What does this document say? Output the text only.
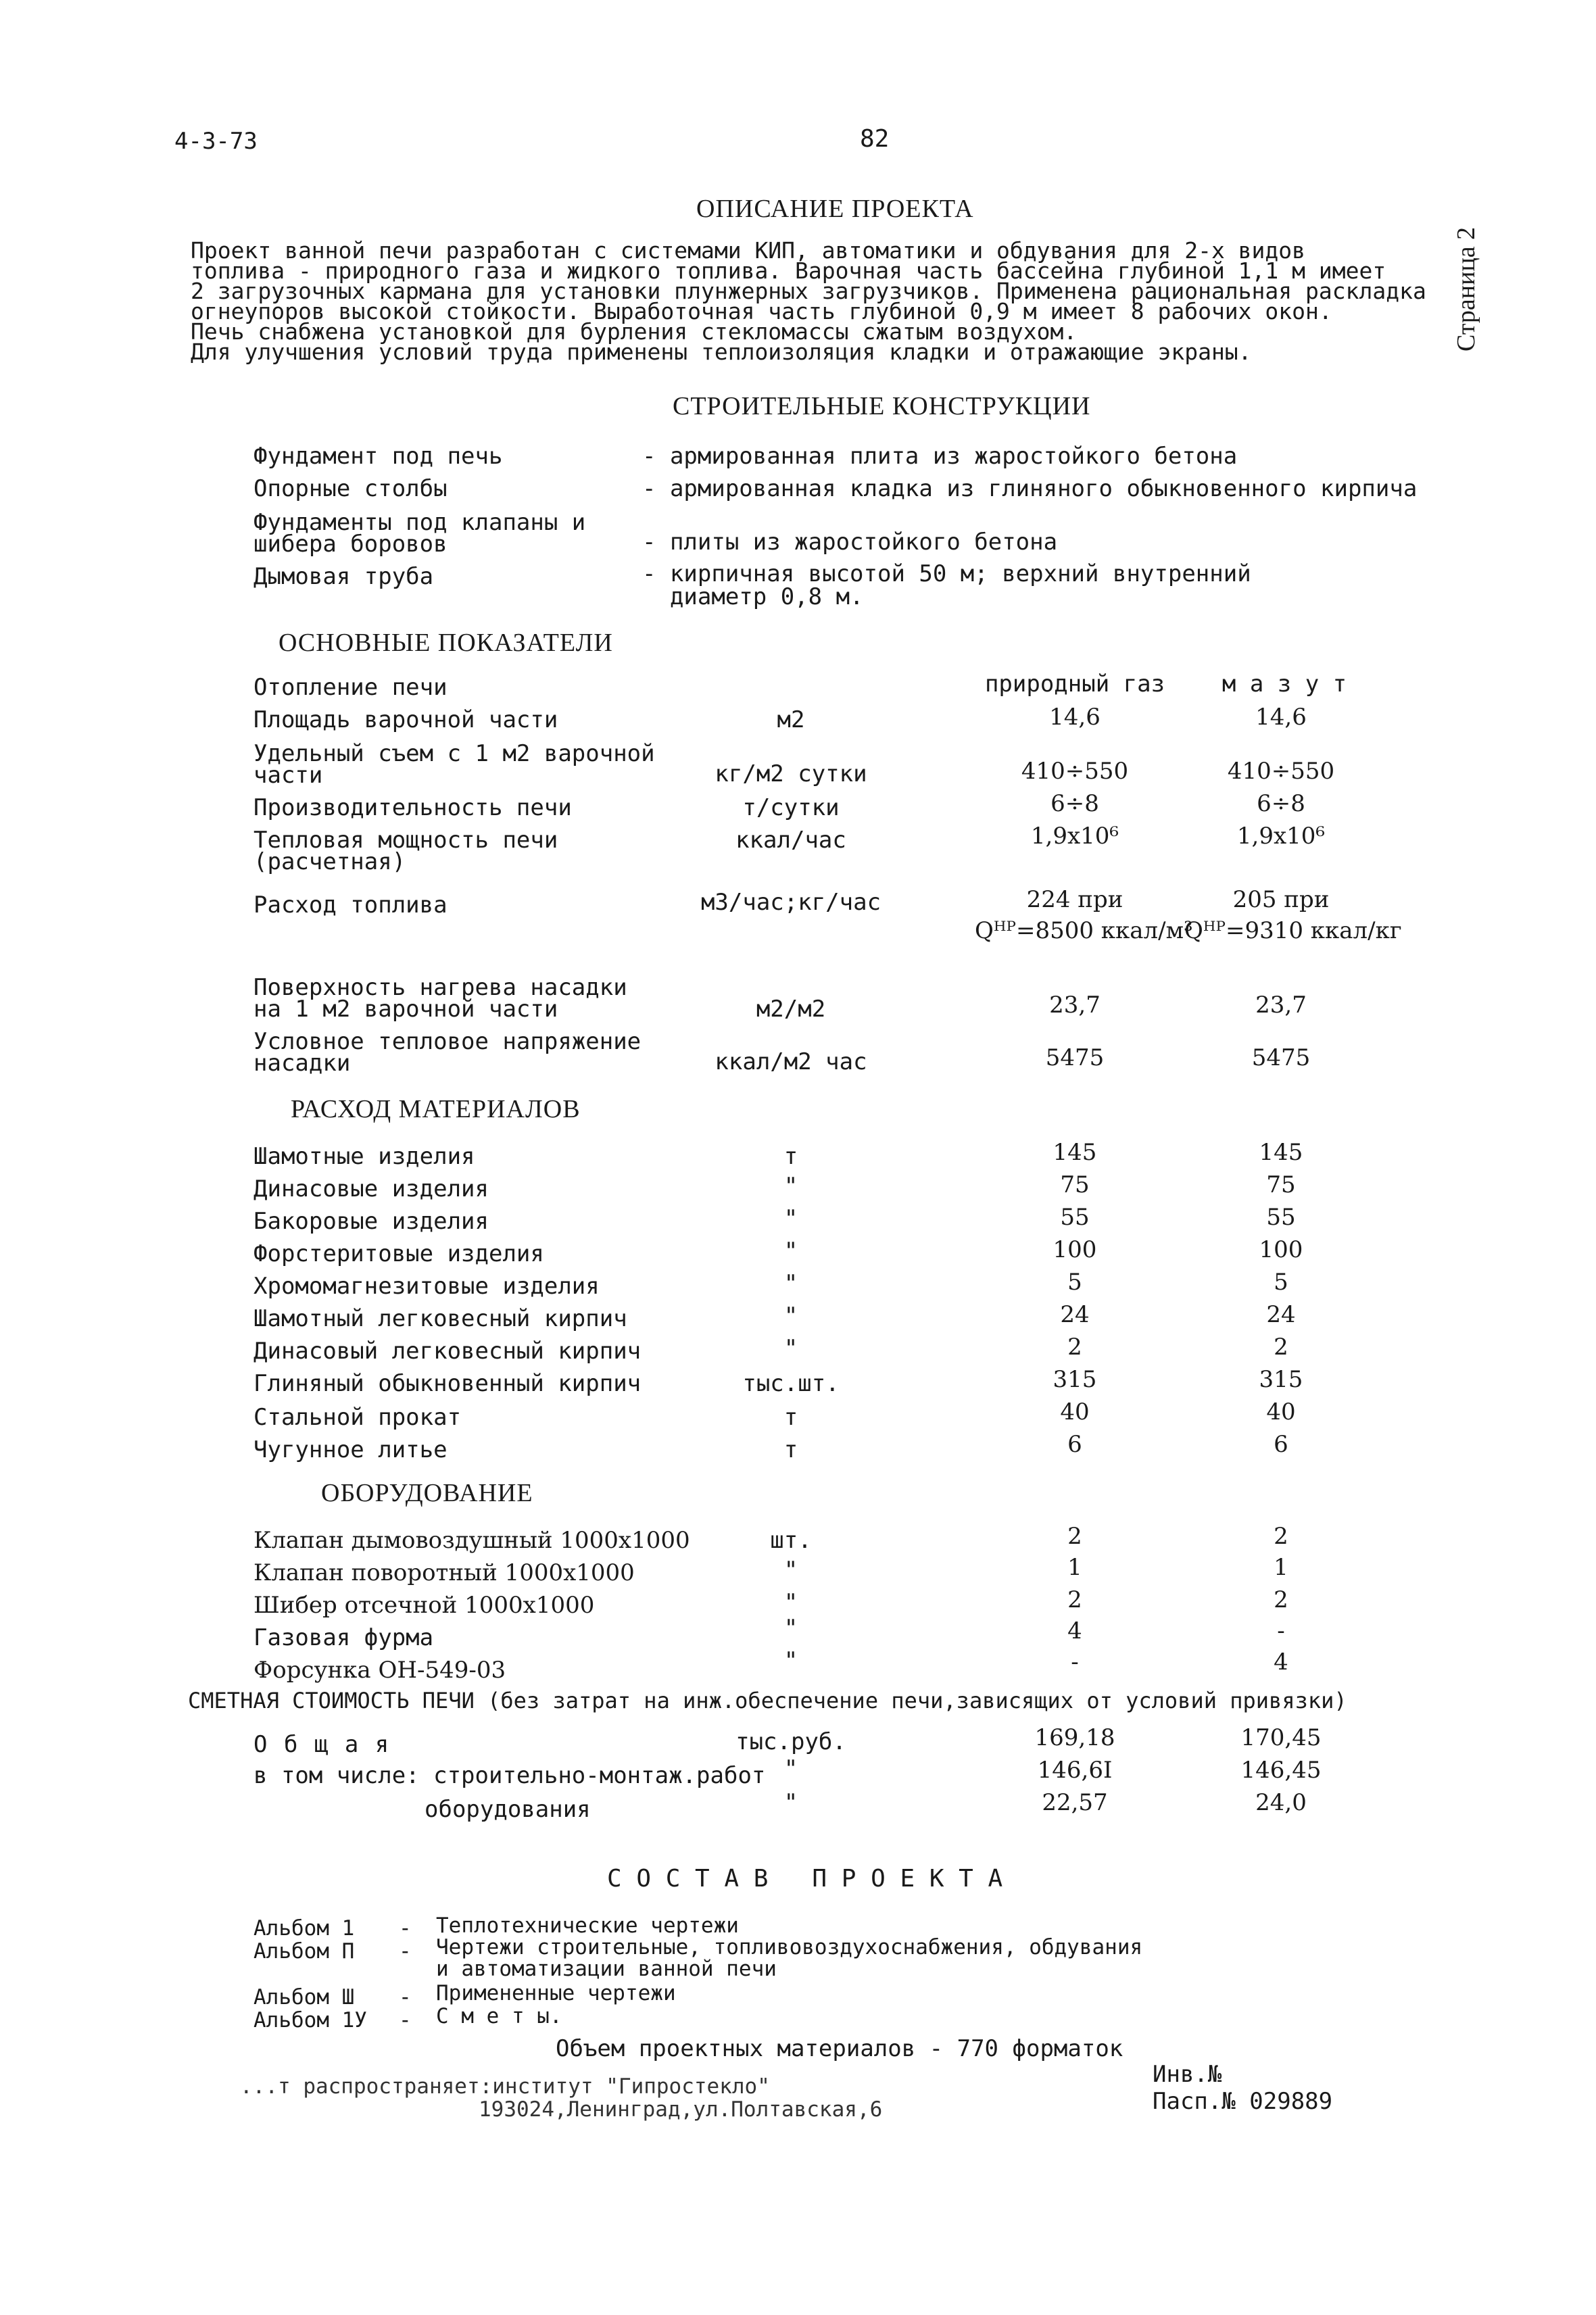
4-3-73	82
Страница 2
ОПИСАНИЕ ПРОЕКТА
Проект ванной печи разработан с системами КИП, автоматики и обдувания для 2-х видов
топлива - природного газа и жидкого топлива. Варочная часть бассейна глубиной 1,1 м имеет
2 загрузочных кармана для установки плунжерных загрузчиков. Применена рациональная раскладка
огнеупоров высокой стойкости. Выработочная часть глубиной 0,9 м имеет 8 рабочих окон.
Печь снабжена установкой для бурления стекломассы сжатым воздухом.
Для улучшения условий труда применены теплоизоляция кладки и отражающие экраны.
СТРОИТЕЛЬНЫЕ КОНСТРУКЦИИ
Фундамент под печь	- армированная плита из жаростойкого бетона
Опорные столбы	- армированная кладка из глиняного обыкновенного кирпича
Фундаменты под клапаны и
шибера боровов	- плиты из жаростойкого бетона
Дымовая труба	- кирпичная высотой 50 м; верхний внутренний
диаметр 0,8 м.
ОСНОВНЫЕ ПОКАЗАТЕЛИ
Отопление печи	природный газ	м а з у т
Площадь варочной части	м2	14,6	14,6
Удельный съем с 1 м2 варочной
части	кг/м2 сутки	410÷550	410÷550
Производительность печи	т/сутки	6÷8	6÷8
Тепловая мощность печи
(расчетная)
ккал/час	1,9x10⁶	1,9x10⁶
Расход топлива	м3/час;кг/час	224 при	205 при
Qᴴᴾ=8500 ккал/м³
Qᴴᴾ=9310 ккал/кг
Поверхность нагрева насадки
на 1 м2 варочной части	м2/м2	23,7	23,7
Условное тепловое напряжение
насадки	ккал/м2 час	5475	5475
РАСХОД МАТЕРИАЛОВ
Шамотные изделия	т	145	145
Динасовые изделия	"	75	75
Бакоровые изделия	"	55	55
Форстеритовые изделия	"	100	100
Хромомагнезитовые изделия	"	5	5
Шамотный легковесный кирпич	"	24	24
Динасовый легковесный кирпич	"	2	2
Глиняный обыкновенный кирпич	тыс.шт.	315	315
Стальной прокат	т	40	40
Чугунное литье	т	6	6
ОБОРУДОВАНИЕ
Клапан дымовоздушный 1000x1000	шт.	2	2
Клапан поворотный 1000x1000	"	1	1
Шибер отсечной 1000x1000	"	2	2
Газовая фурма	"	4	-
Форсунка ОН-549-03	"	-	4
СМЕТНАЯ СТОИМОСТЬ ПЕЧИ (без затрат на инж.обеспечение печи,зависящих от условий привязки)
О б щ а я	тыс.руб.	169,18	170,45
в том числе: строительно-монтаж.работ "	146,6I	146,45
оборудования	"	22,57	24,0
С О С Т А В   П Р О Е К Т А
Альбом 1 - Теплотехнические чертежи
Альбом П - Чертежи строительные, топливовоздухоснабжения, обдувания
и автоматизации ванной печи
Альбом Ш - Примененные чертежи
Альбом 1У - С м е т ы.
Объем проектных материалов - 770 форматок
...т распространяет:институт "Гипростекло"
193024,Ленинград,ул.Полтавская,6
Инв.№
Пасп.№ 029889
